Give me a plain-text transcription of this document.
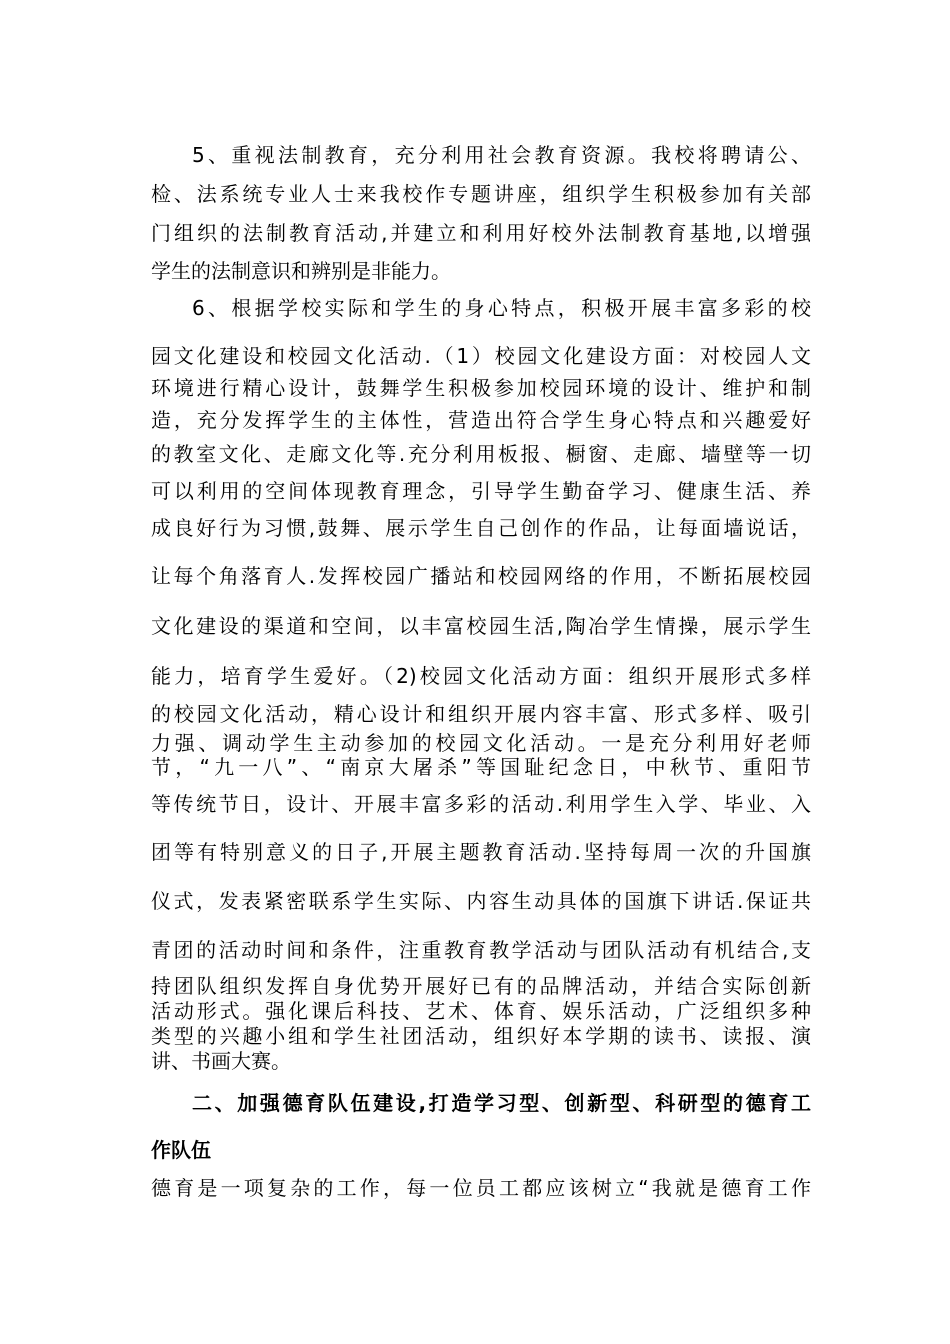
5、重视法制教育，充分利用社会教育资源。我校将聘请公、
检、法系统专业人士来我校作专题讲座，组织学生积极参加有关部
门组织的法制教育活动,并建立和利用好校外法制教育基地,以增强
学生的法制意识和辨别是非能力。
6、根据学校实际和学生的身心特点，积极开展丰富多彩的校
园文化建设和校园文化活动.（1）校园文化建设方面：对校园人文
环境进行精心设计，鼓舞学生积极参加校园环境的设计、维护和制
造，充分发挥学生的主体性，营造出符合学生身心特点和兴趣爱好
的教室文化、走廊文化等.充分利用板报、橱窗、走廊、墙壁等一切
可以利用的空间体现教育理念，引导学生勤奋学习、健康生活、养
成良好行为习惯,鼓舞、展示学生自己创作的作品，让每面墙说话，
让每个角落育人.发挥校园广播站和校园网络的作用，不断拓展校园
文化建设的渠道和空间，以丰富校园生活,陶冶学生情操，展示学生
能力，培育学生爱好。（2)校园文化活动方面：组织开展形式多样
的校园文化活动，精心设计和组织开展内容丰富、形式多样、吸引
力强、调动学生主动参加的校园文化活动。一是充分利用好老师
节，“九一八”、“南京大屠杀”等国耻纪念日，中秋节、重阳节
等传统节日，设计、开展丰富多彩的活动.利用学生入学、毕业、入
团等有特别意义的日子,开展主题教育活动.坚持每周一次的升国旗
仪式，发表紧密联系学生实际、内容生动具体的国旗下讲话.保证共
青团的活动时间和条件，注重教育教学活动与团队活动有机结合,支
持团队组织发挥自身优势开展好已有的品牌活动，并结合实际创新
活动形式。强化课后科技、艺术、体育、娱乐活动，广泛组织多种
类型的兴趣小组和学生社团活动，组织好本学期的读书、读报、演
讲、书画大赛。
二、加强德育队伍建设,打造学习型、创新型、科研型的德育工
作队伍
德育是一项复杂的工作，每一位员工都应该树立“我就是德育工作
